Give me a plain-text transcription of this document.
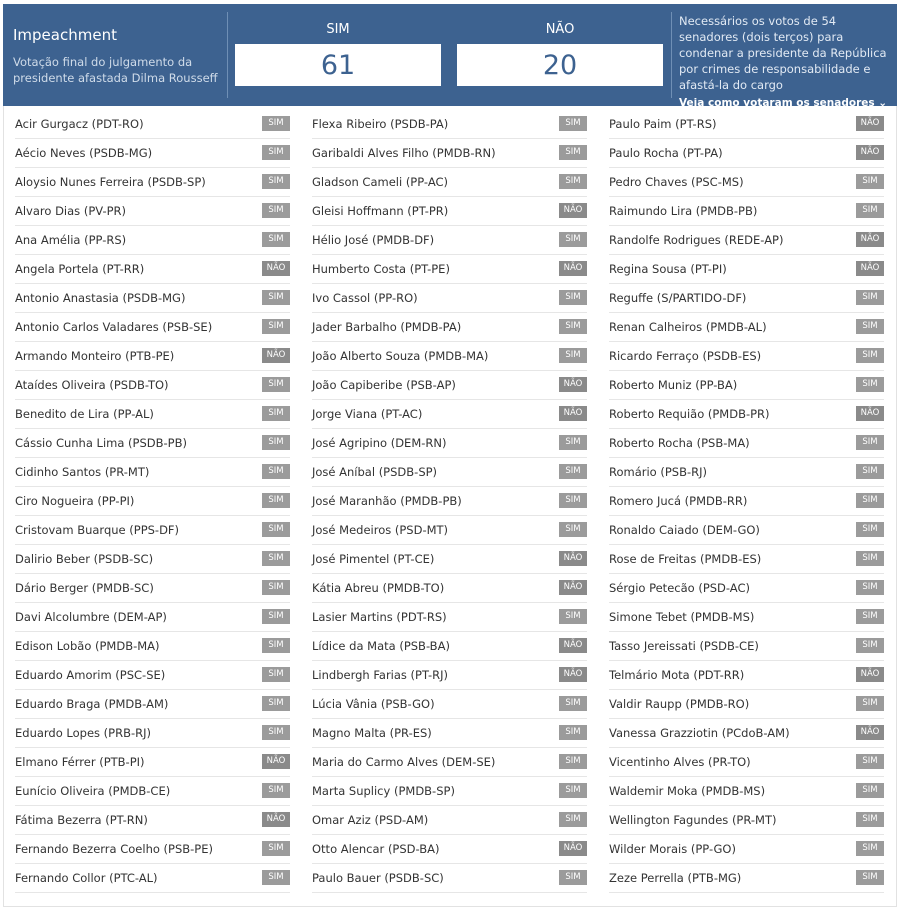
Impeachment
Votação final do julgamento da presidente afastada Dilma Rousseff
SIM
61
NÃO
20
Necessários os votos de 54 senadores (dois terços) para condenar a presidente da República por crimes de responsabilidade e afastá-la do cargo
Veja como votaram os senadores ⌄
Acir Gurgacz (PDT-RO)	SIM
Aécio Neves (PSDB-MG)	SIM
Aloysio Nunes Ferreira (PSDB-SP)	SIM
Alvaro Dias (PV-PR)	SIM
Ana Amélia (PP-RS)	SIM
Angela Portela (PT-RR)	NÃO
Antonio Anastasia (PSDB-MG)	SIM
Antonio Carlos Valadares (PSB-SE)	SIM
Armando Monteiro (PTB-PE)	NÃO
Ataídes Oliveira (PSDB-TO)	SIM
Benedito de Lira (PP-AL)	SIM
Cássio Cunha Lima (PSDB-PB)	SIM
Cidinho Santos (PR-MT)	SIM
Ciro Nogueira (PP-PI)	SIM
Cristovam Buarque (PPS-DF)	SIM
Dalirio Beber (PSDB-SC)	SIM
Dário Berger (PMDB-SC)	SIM
Davi Alcolumbre (DEM-AP)	SIM
Edison Lobão (PMDB-MA)	SIM
Eduardo Amorim (PSC-SE)	SIM
Eduardo Braga (PMDB-AM)	SIM
Eduardo Lopes (PRB-RJ)	SIM
Elmano Férrer (PTB-PI)	NÃO
Eunício Oliveira (PMDB-CE)	SIM
Fátima Bezerra (PT-RN)	NÃO
Fernando Bezerra Coelho (PSB-PE)	SIM
Fernando Collor (PTC-AL)	SIM
Flexa Ribeiro (PSDB-PA)	SIM
Garibaldi Alves Filho (PMDB-RN)	SIM
Gladson Cameli (PP-AC)	SIM
Gleisi Hoffmann (PT-PR)	NÃO
Hélio José (PMDB-DF)	SIM
Humberto Costa (PT-PE)	NÃO
Ivo Cassol (PP-RO)	SIM
Jader Barbalho (PMDB-PA)	SIM
João Alberto Souza (PMDB-MA)	SIM
João Capiberibe (PSB-AP)	NÃO
Jorge Viana (PT-AC)	NÃO
José Agripino (DEM-RN)	SIM
José Aníbal (PSDB-SP)	SIM
José Maranhão (PMDB-PB)	SIM
José Medeiros (PSD-MT)	SIM
José Pimentel (PT-CE)	NÃO
Kátia Abreu (PMDB-TO)	NÃO
Lasier Martins (PDT-RS)	SIM
Lídice da Mata (PSB-BA)	NÃO
Lindbergh Farias (PT-RJ)	NÃO
Lúcia Vânia (PSB-GO)	SIM
Magno Malta (PR-ES)	SIM
Maria do Carmo Alves (DEM-SE)	SIM
Marta Suplicy (PMDB-SP)	SIM
Omar Aziz (PSD-AM)	SIM
Otto Alencar (PSD-BA)	NÃO
Paulo Bauer (PSDB-SC)	SIM
Paulo Paim (PT-RS)	NÃO
Paulo Rocha (PT-PA)	NÃO
Pedro Chaves (PSC-MS)	SIM
Raimundo Lira (PMDB-PB)	SIM
Randolfe Rodrigues (REDE-AP)	NÃO
Regina Sousa (PT-PI)	NÃO
Reguffe (S/PARTIDO-DF)	SIM
Renan Calheiros (PMDB-AL)	SIM
Ricardo Ferraço (PSDB-ES)	SIM
Roberto Muniz (PP-BA)	SIM
Roberto Requião (PMDB-PR)	NÃO
Roberto Rocha (PSB-MA)	SIM
Romário (PSB-RJ)	SIM
Romero Jucá (PMDB-RR)	SIM
Ronaldo Caiado (DEM-GO)	SIM
Rose de Freitas (PMDB-ES)	SIM
Sérgio Petecão (PSD-AC)	SIM
Simone Tebet (PMDB-MS)	SIM
Tasso Jereissati (PSDB-CE)	SIM
Telmário Mota (PDT-RR)	NÃO
Valdir Raupp (PMDB-RO)	SIM
Vanessa Grazziotin (PCdoB-AM)	NÃO
Vicentinho Alves (PR-TO)	SIM
Waldemir Moka (PMDB-MS)	SIM
Wellington Fagundes (PR-MT)	SIM
Wilder Morais (PP-GO)	SIM
Zeze Perrella (PTB-MG)	SIM
